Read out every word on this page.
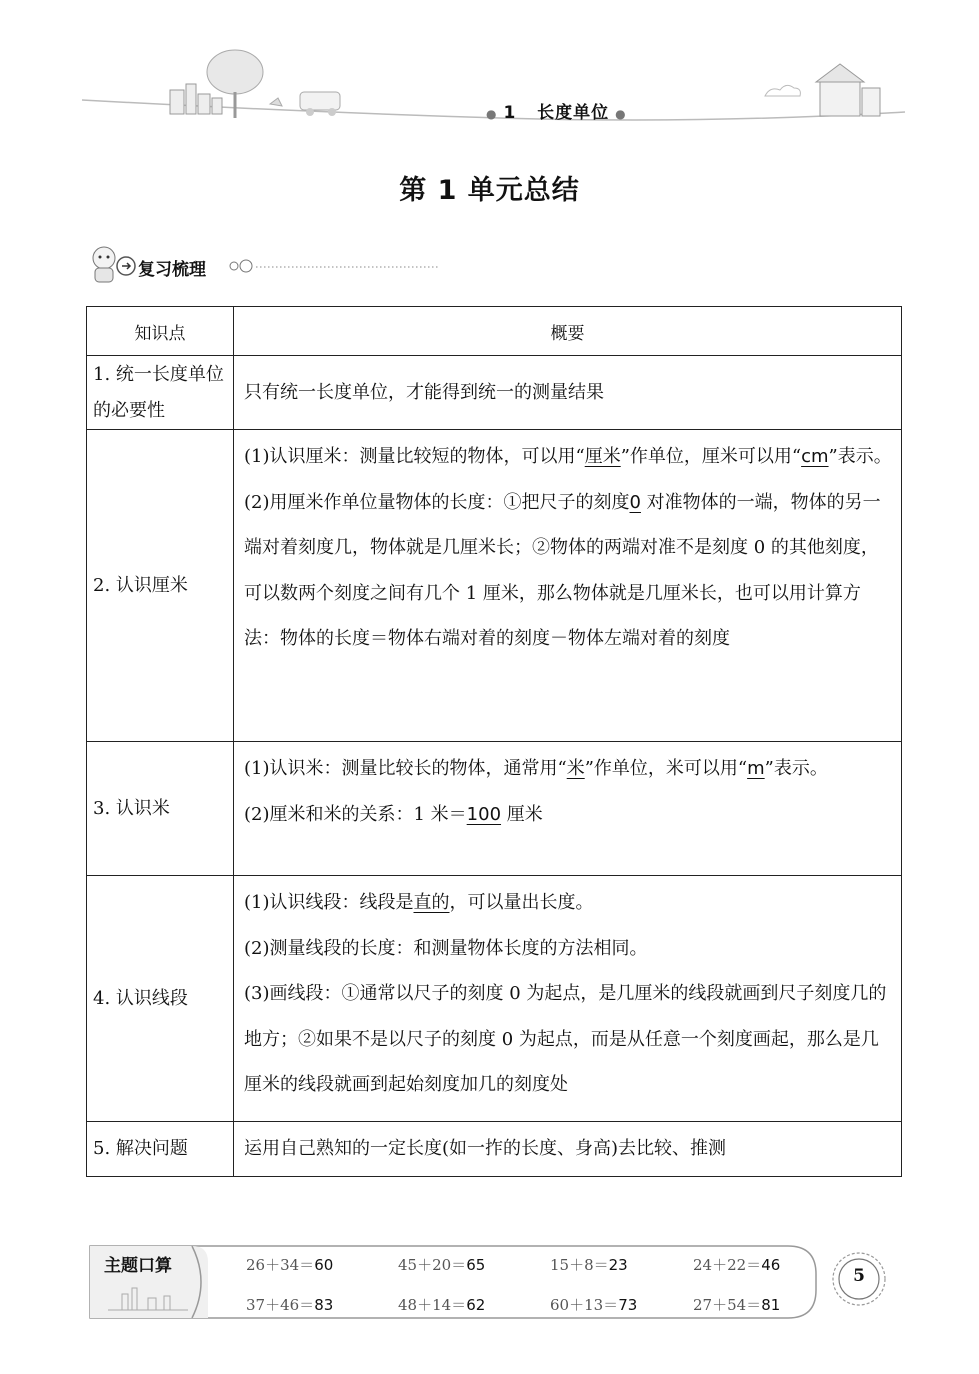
● 1 长度单位 ●
第 1 单元总结
复习梳理
知识点	概要
1. 统一长度单位的必要性	只有统一长度单位，才能得到统一的测量结果
2. 认识厘米	(1)认识厘米：测量比较短的物体，可以用“厘米”作单位，厘米可以用“cm”表示。
(2)用厘米作单位量物体的长度：①把尺子的刻度0 对准物体的一端，物体的另一端对着刻度几，物体就是几厘米长；②物体的两端对准不是刻度 0 的其他刻度，可以数两个刻度之间有几个 1 厘米，那么物体就是几厘米长，也可以用计算方法：物体的长度＝物体右端对着的刻度－物体左端对着的刻度

3. 认识米	(1)认识米：测量比较长的物体，通常用“米”作单位，米可以用“m”表示。
(2)厘米和米的关系：1 米＝100 厘米

4. 认识线段	(1)认识线段：线段是直的，可以量出长度。
(2)测量线段的长度：和测量物体长度的方法相同。
(3)画线段：①通常以尺子的刻度 0 为起点，是几厘米的线段就画到尺子刻度几的地方；②如果不是以尺子的刻度 0 为起点，而是从任意一个刻度画起，那么是几厘米的线段就画到起始刻度加几的刻度处

5. 解决问题	运用自己熟知的一定长度(如一拃的长度、身高)去比较、推测
主题口算	26＋34＝60	45＋20＝65	15＋8＝23	24＋22＝46
37＋46＝83	48＋14＝62	60＋13＝73	27＋54＝81
5
